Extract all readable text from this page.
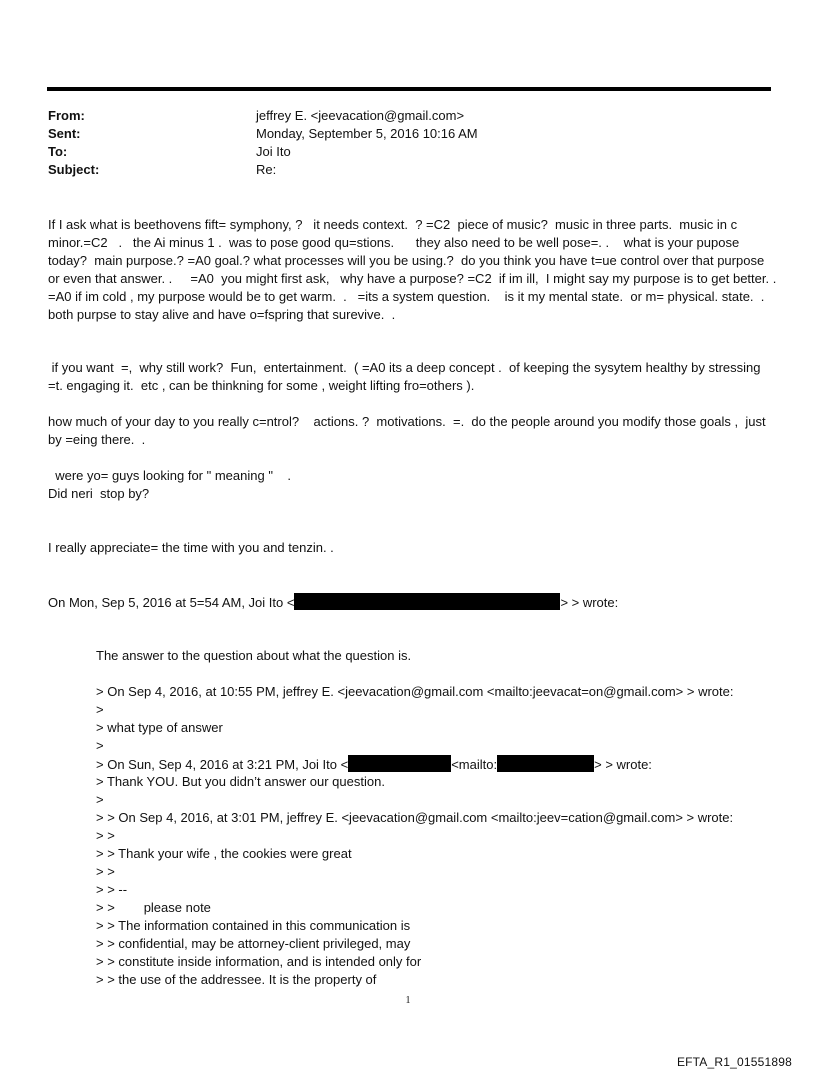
From:	jeffrey E. <jeevacation@gmail.com>
Sent:	Monday, September 5, 2016 10:16 AM
To:	Joi Ito
Subject:	Re:
If I ask what is beethovens fift= symphony, ?   it needs context.  ? =C2  piece of music?  music in three parts.  music in c minor.=C2   .   the Ai minus 1 .  was to pose good qu=stions.      they also need to be well pose=. .    what is your pupose today?  main purpose.? =A0 goal.? what processes will you be using.?  do you think you have t=ue control over that purpose or even that answer. .     =A0  you might first ask,   why have a purpose? =C2  if im ill,  I might say my purpose is to get better. .  =A0 if im cold , my purpose would be to get warm.  .   =its a system question.    is it my mental state.  or m= physical. state.  .   both purpse to stay alive and have o=fspring that surevive.  .
if you want  =,  why still work?  Fun,  entertainment.  ( =A0 its a deep concept .  of keeping the sysytem healthy by stressing =t. engaging it.  etc , can be thinkning for some , weight lifting fro=others ).
how much of your day to you really c=ntrol?    actions. ?  motivations.  =.  do the people around you modify those goals ,  just by =eing there.  .
were yo= guys looking for " meaning "    .
Did neri  stop by?
I really appreciate= the time with you and tenzin. .
On Mon, Sep 5, 2016 at 5=54 AM, Joi Ito <	> > wrote:
The answer to the question about what the question is.
> On Sep 4, 2016, at 10:55 PM, jeffrey E. <jeevacation@gmail.com <mailto:jeevacat=on@gmail.com> > wrote:
>
> what type of answer
>
> On Sun, Sep 4, 2016 at 3:21 PM, Joi Ito <	<mailto:	> > wrote:
> Thank YOU. But you didn’t answer our question.
>
> > On Sep 4, 2016, at 3:01 PM, jeffrey E. <jeevacation@gmail.com <mailto:jeev=cation@gmail.com> > wrote:
> >
> > Thank your wife , the cookies were great
> >
> > --
> >        please note
> > The information contained in this communication is
> > confidential, may be attorney-client privileged, may
> > constitute inside information, and is intended only for
> > the use of the addressee. It is the property of
1
EFTA_R1_01551898
